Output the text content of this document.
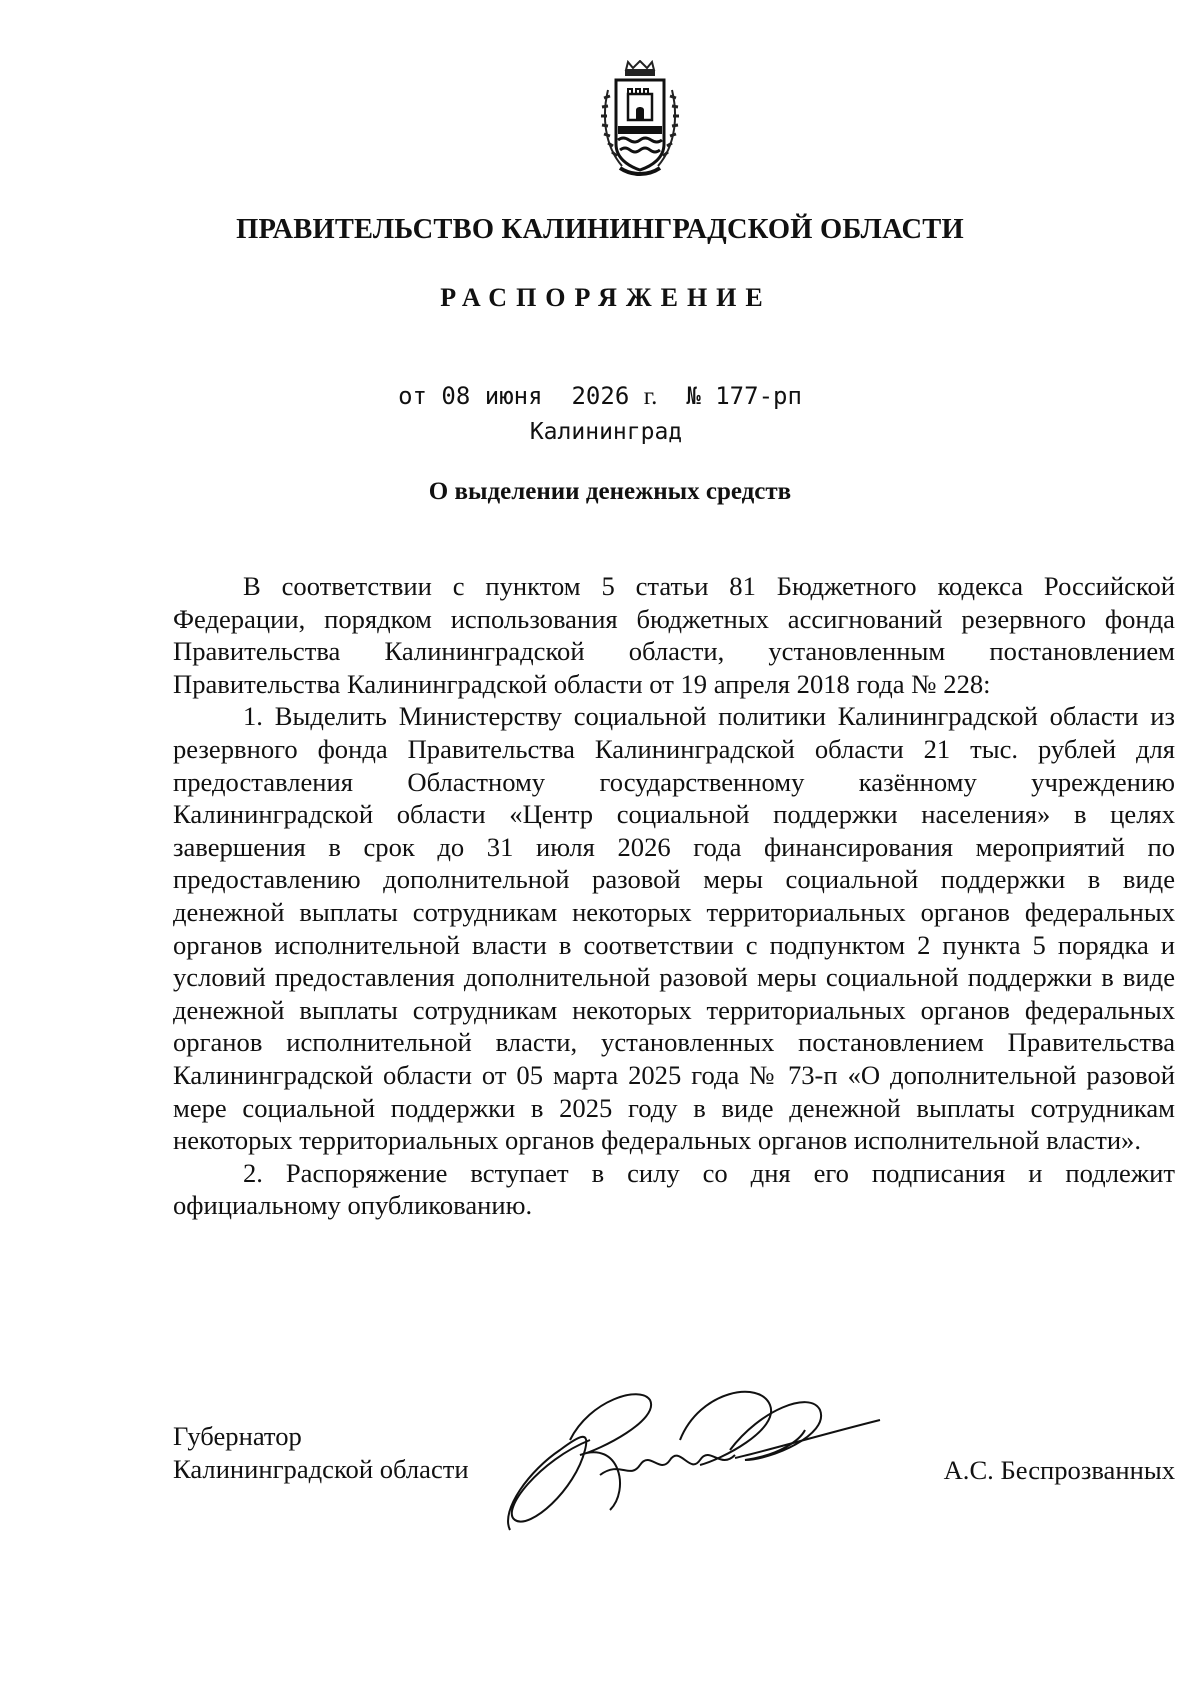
ПРАВИТЕЛЬСТВО КАЛИНИНГРАДСКОЙ ОБЛАСТИ
РАСПОРЯЖЕНИЕ
от 08 июня 2026 г. № 177-рп
Калининград
О выделении денежных средств

В соответствии с пунктом 5 статьи 81 Бюджетного кодекса Российской Федерации, порядком использования бюджетных ассигнований резервного фонда Правительства Калининградской области, установленным постановлением Правительства Калининградской области от 19 апреля 2018 года № 228:

1. Выделить Министерству социальной политики Калининградской области из резервного фонда Правительства Калининградской области 21 тыс. рублей для предоставления Областному государственному казённому учреждению Калининградской области «Центр социальной поддержки населения» в целях завершения в срок до 31 июля 2026 года финансирования мероприятий по предоставлению дополнительной разовой меры социальной поддержки в виде денежной выплаты сотрудникам некоторых территориальных органов федеральных органов исполнительной власти в соответствии с подпунктом 2 пункта 5 порядка и условий предоставления дополнительной разовой меры социальной поддержки в виде денежной выплаты сотрудникам некоторых территориальных органов федеральных органов исполнительной власти, установленных постановлением Правительства Калининградской области от 05 марта 2025 года № 73-п «О дополнительной разовой мере социальной поддержки в 2025 году в виде денежной выплаты сотрудникам некоторых территориальных органов федеральных органов исполнительной власти».

2. Распоряжение вступает в силу со дня его подписания и подлежит официальному опубликованию.

Губернатор
Калининградской области	А.С. Беспрозванных
